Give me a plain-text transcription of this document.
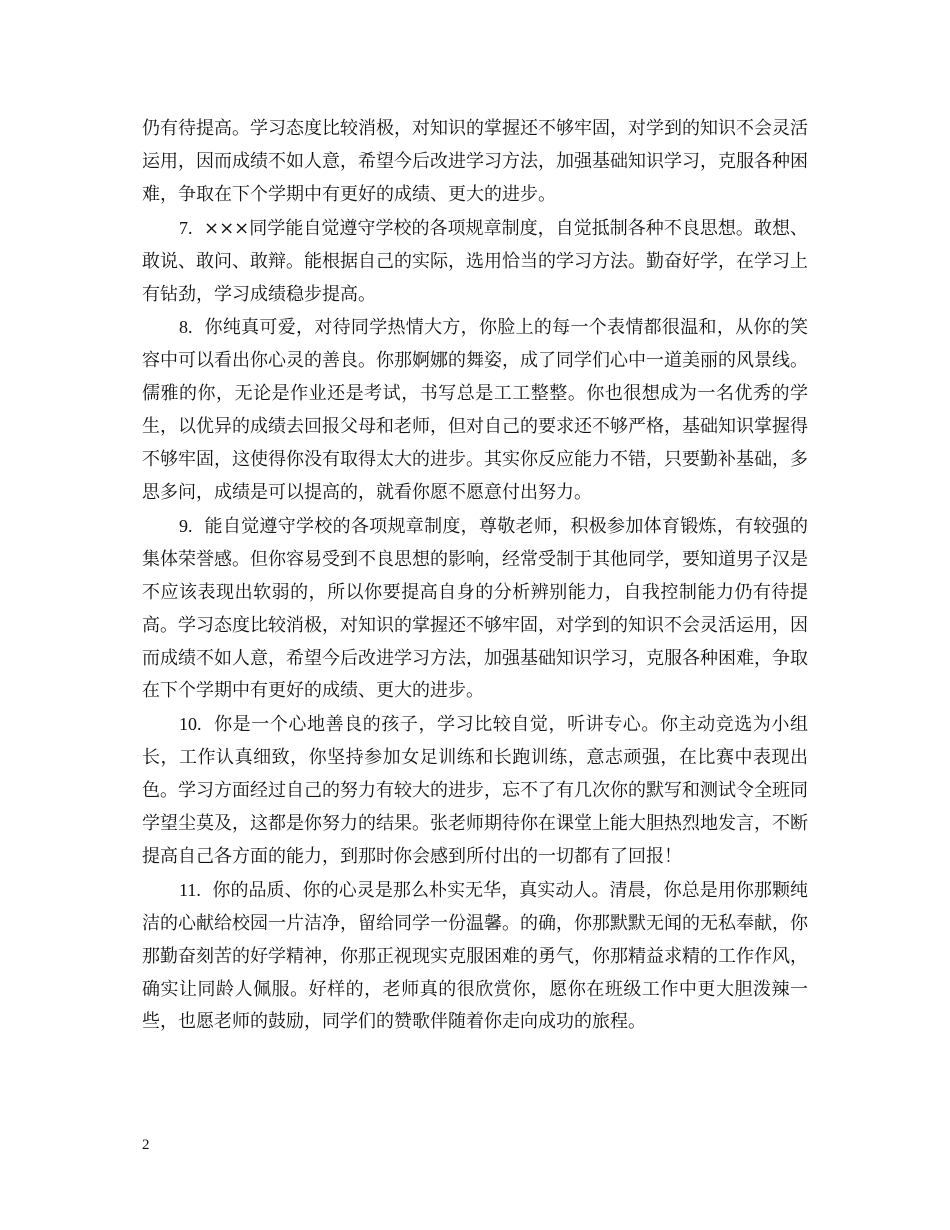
仍有待提高。学习态度比较消极，对知识的掌握还不够牢固，对学到的知识不会灵活运用，因而成绩不如人意，希望今后改进学习方法，加强基础知识学习，克服各种困难，争取在下个学期中有更好的成绩、更大的进步。

7. ×××同学能自觉遵守学校的各项规章制度，自觉抵制各种不良思想。敢想、敢说、敢问、敢辩。能根据自己的实际，选用恰当的学习方法。勤奋好学，在学习上有钻劲，学习成绩稳步提高。

8. 你纯真可爱，对待同学热情大方，你脸上的每一个表情都很温和，从你的笑容中可以看出你心灵的善良。你那婀娜的舞姿，成了同学们心中一道美丽的风景线。儒雅的你，无论是作业还是考试，书写总是工工整整。你也很想成为一名优秀的学生，以优异的成绩去回报父母和老师，但对自己的要求还不够严格，基础知识掌握得不够牢固，这使得你没有取得太大的进步。其实你反应能力不错，只要勤补基础，多思多问，成绩是可以提高的，就看你愿不愿意付出努力。

9. 能自觉遵守学校的各项规章制度，尊敬老师，积极参加体育锻炼，有较强的集体荣誉感。但你容易受到不良思想的影响，经常受制于其他同学，要知道男子汉是不应该表现出软弱的，所以你要提高自身的分析辨别能力，自我控制能力仍有待提高。学习态度比较消极，对知识的掌握还不够牢固，对学到的知识不会灵活运用，因而成绩不如人意，希望今后改进学习方法，加强基础知识学习，克服各种困难，争取在下个学期中有更好的成绩、更大的进步。

10. 你是一个心地善良的孩子，学习比较自觉，听讲专心。你主动竞选为小组长，工作认真细致，你坚持参加女足训练和长跑训练，意志顽强，在比赛中表现出色。学习方面经过自己的努力有较大的进步，忘不了有几次你的默写和测试令全班同学望尘莫及，这都是你努力的结果。张老师期待你在课堂上能大胆热烈地发言，不断提高自己各方面的能力，到那时你会感到所付出的一切都有了回报！

11. 你的品质、你的心灵是那么朴实无华，真实动人。清晨，你总是用你那颗纯洁的心献给校园一片洁净，留给同学一份温馨。的确，你那默默无闻的无私奉献，你那勤奋刻苦的好学精神，你那正视现实克服困难的勇气，你那精益求精的工作作风，确实让同龄人佩服。好样的，老师真的很欣赏你，愿你在班级工作中更大胆泼辣一些，也愿老师的鼓励，同学们的赞歌伴随着你走向成功的旅程。

2
